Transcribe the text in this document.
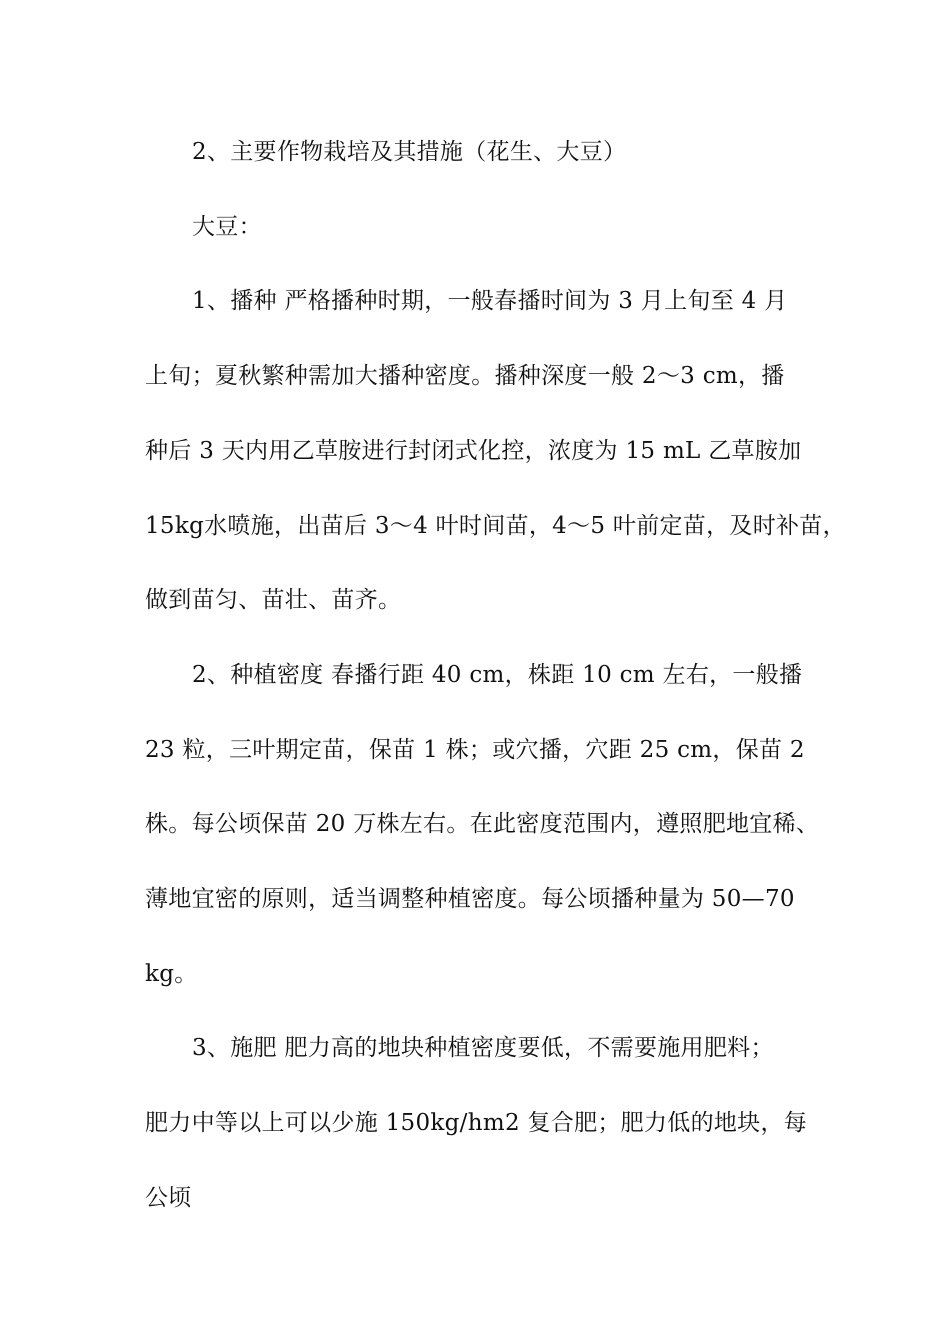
2、主要作物栽培及其措施（花生、大豆）
大豆：
1、播种 严格播种时期，一般春播时间为 3 月上旬至 4 月
上旬；夏秋繁种需加大播种密度。播种深度一般 2～3 cm，播
种后 3 天内用乙草胺进行封闭式化控，浓度为 15 mL 乙草胺加
15kg水喷施，出苗后 3～4 叶时间苗，4～5 叶前定苗，及时补苗，
做到苗匀、苗壮、苗齐。
2、种植密度 春播行距 40 cm，株距 10 cm 左右，一般播
23 粒，三叶期定苗，保苗 1 株；或穴播，穴距 25 cm，保苗 2
株。每公顷保苗 20 万株左右。在此密度范围内，遵照肥地宜稀、
薄地宜密的原则，适当调整种植密度。每公顷播种量为 50—70
kg。
3、施肥 肥力高的地块种植密度要低，不需要施用肥料；
肥力中等以上可以少施 150kg/hm2 复合肥；肥力低的地块，每
公顷
